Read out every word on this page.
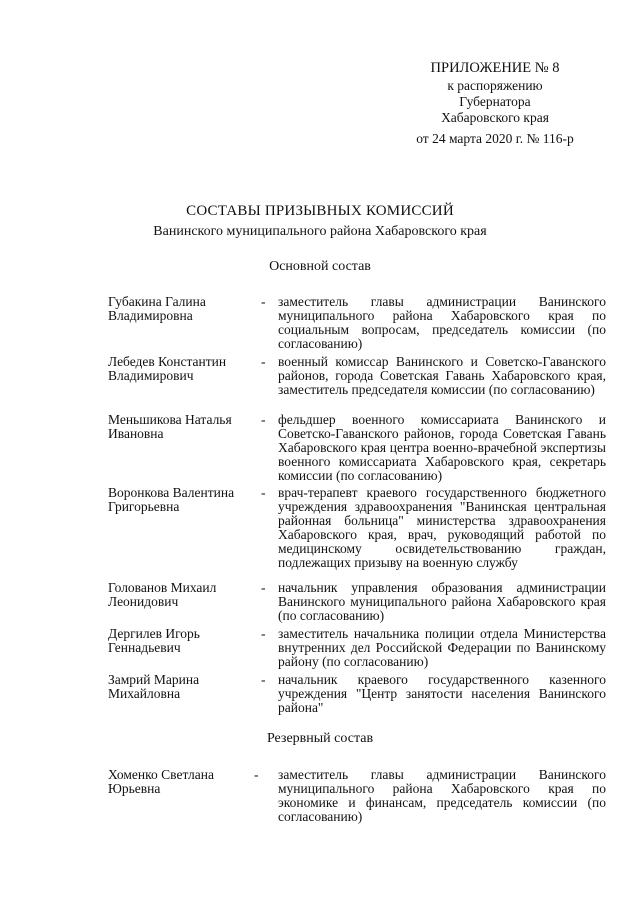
ПРИЛОЖЕНИЕ № 8
к распоряжению
Губернатора
Хабаровского края
от 24 марта 2020 г. № 116-р
СОСТАВЫ ПРИЗЫВНЫХ КОМИССИЙ
Ванинского муниципального района Хабаровского края
Основной состав
Губакина Галина
Владимировна
- заместитель главы администрации Ванинского муниципального района Хабаровского края по социальным вопросам, председатель комиссии (по согласованию)
Лебедев Константин
Владимирович
- военный комиссар Ванинского и Советско-Гаванского районов, города Советская Гавань Хабаровского края, заместитель председателя комиссии (по согласованию)
Меньшикова Наталья
Ивановна
- фельдшер военного комиссариата Ванинского и Советско-Гаванского районов, города Советская Гавань Хабаровского края центра военно-врачебной экспертизы военного комиссариата Хабаровского края, секретарь комиссии (по согласованию)
Воронкова Валентина
Григорьевна
- врач-терапевт краевого государственного бюджетного учреждения здравоохранения "Ванинская центральная районная больница" министерства здравоохранения Хабаровского края, врач, руководящий работой по медицинскому освидетельствованию граждан, подлежащих призыву на военную службу
Голованов Михаил
Леонидович
- начальник управления образования администрации Ванинского муниципального района Хабаровского края (по согласованию)
Дергилев Игорь
Геннадьевич
- заместитель начальника полиции отдела Министерства внутренних дел Российской Федерации по Ванинскому району (по согласованию)
Замрий Марина
Михайловна
- начальник краевого государственного казенного учреждения "Центр занятости населения Ванинского района"
Резервный состав
Хоменко Светлана
Юрьевна
- заместитель главы администрации Ванинского муниципального района Хабаровского края по экономике и финансам, председатель комиссии (по согласованию)
